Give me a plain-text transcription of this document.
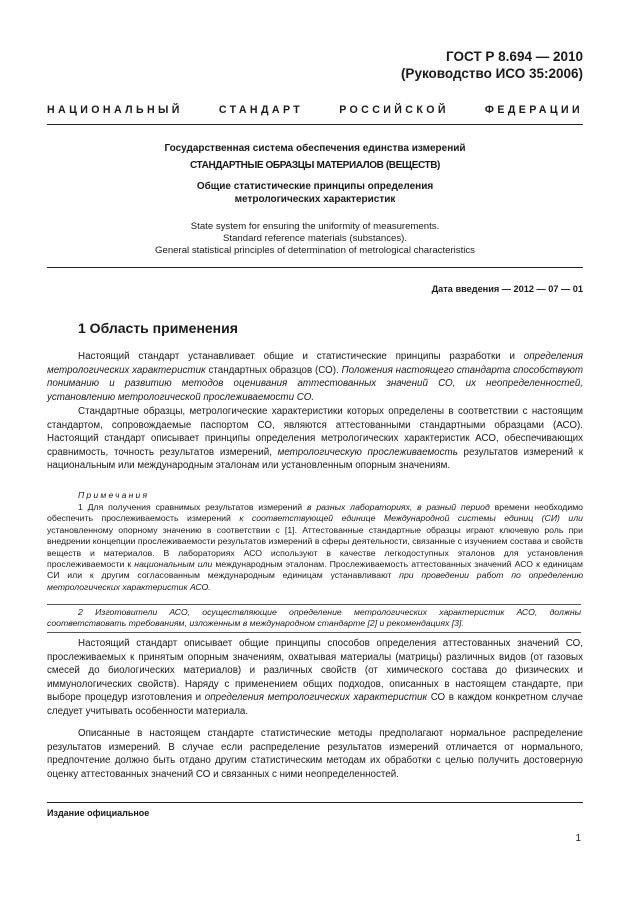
ГОСТ Р 8.694 — 2010
(Руководство ИСО 35:2006)
НАЦИОНАЛЬНЫЙ СТАНДАРТ РОССИЙСКОЙ ФЕДЕРАЦИИ
Государственная система обеспечения единства измерений
СТАНДАРТНЫЕ ОБРАЗЦЫ МАТЕРИАЛОВ (ВЕЩЕСТВ)
Общие статистические принципы определения
метрологических характеристик
State system for ensuring the uniformity of measurements.
Standard reference materials (substances).
General statistical principles of determination of metrological characteristics
Дата введения — 2012 — 07 — 01
1 Область применения

Настоящий стандарт устанавливает общие и статистические принципы разработки и определения метрологических характеристик стандартных образцов (СО). Положения настоящего стандарта способствуют пониманию и развитию методов оценивания аттестованных значений СО, их неопределенностей, установлению метрологической прослеживаемости СО.

Стандартные образцы, метрологические характеристики которых определены в соответствии с настоящим стандартом, сопровождаемые паспортом СО, являются аттестованными стандартными образцами (АСО). Настоящий стандарт описывает принципы определения метрологических характеристик АСО, обеспечивающих сравнимость, точность результатов измерений, метрологическую прослеживаемость результатов измерений к национальным или международным эталонам или установленным опорным значениям.

Примечания

1 Для получения сравнимых результатов измерений в разных лабораториях, в разный период времени необходимо обеспечить прослеживаемость измерений к соответствующей единице Международной системы единиц (СИ) или установленному опорному значению в соответствии с [1]. Аттестованные стандартные образцы играют ключевую роль при внедрении концепции прослеживаемости результатов измерений в сферы деятельности, связанные с изучением состава и свойств веществ и материалов. В лабораториях АСО используют в качестве легкодоступных эталонов для установления прослеживаемости к национальным или международным эталонам. Прослеживаемость аттестованных значений АСО к единицам СИ или к другим согласованным международным единицам устанавливают при проведении работ по определению метрологических характеристик АСО.

2 Изготовители АСО, осуществляющие определение метрологических характеристик АСО, должны соответствовать требованиям, изложенным в международном стандарте [2] и рекомендациях [3].

Настоящий стандарт описывает общие принципы способов определения аттестованных значений СО, прослеживаемых к принятым опорным значениям, охватывая материалы (матрицы) различных видов (от газовых смесей до биологических материалов) и различных свойств (от химического состава до физических и иммунологических свойств). Наряду с применением общих подходов, описанных в настоящем стандарте, при выборе процедур изготовления и определения метрологических характеристик СО в каждом конкретном случае следует учитывать особенности материала.

Описанные в настоящем стандарте статистические методы предполагают нормальное распределение результатов измерений. В случае если распределение результатов измерений отличается от нормального, предпочтение должно быть отдано другим статистическим методам их обработки с целью получить достоверную оценку аттестованных значений СО и связанных с ними неопределенностей.

Издание официальное
1
